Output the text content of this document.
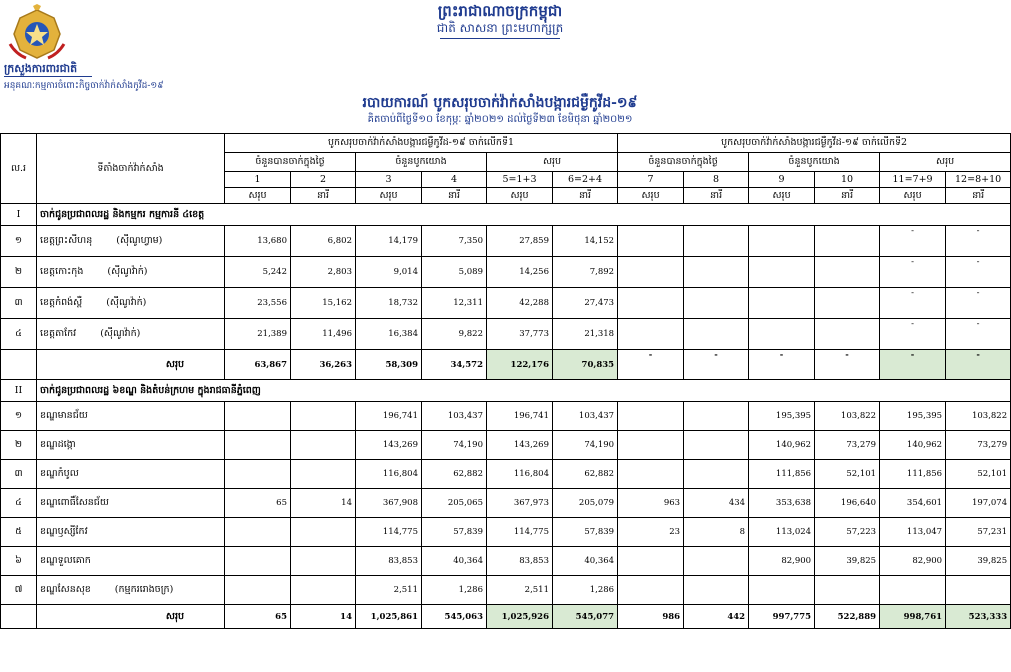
ក្រសួងការពារជាតិ
អនុគណៈកម្មការចំពោះកិច្ចចាក់វ៉ាក់សាំងកូវីដ-១៩
ព្រះរាជាណាចក្រកម្ពុជា
ជាតិ សាសនា ព្រះមហាក្សត្រ
របាយការណ៍ បូកសរុបចាក់វ៉ាក់សាំងបង្ការជម្ងឺកូវីដ-១៩
គិតចាប់ពីថ្ងៃទី១០ ខែកុម្ភៈ ឆ្នាំ២០២១ ដល់ថ្ងៃទី២៣ ខែមិថុនា ឆ្នាំ២០២១
ល.រ	ទីតាំងចាក់វ៉ាក់សាំង	បូកសរុបចាក់វ៉ាក់សាំងបង្ការជម្ងឺកូវីដ-១៩ ចាក់លើកទី1						បូកសរុបចាក់វ៉ាក់សាំងបង្ការជម្ងឺកូវីដ-១៩ ចាក់លើកទី2					
		ចំនួនបានចាក់ក្នុងថ្ងៃ		ចំនួនបូកយោង		សរុប		ចំនួនបានចាក់ក្នុងថ្ងៃ		ចំនួនបូកយោង		សរុប	
		1	2	3	4	5=1+3	6=2+4	7	8	9	10	11=7+9	12=8+10
		សរុប	នារី	សរុប	នារី	សរុប	នារី	សរុប	នារី	សរុប	នារី	សរុប	នារី
I	ចាក់ជូនប្រជាពលរដ្ឋ និងកម្មករ កម្មការនី ៤ខេត្ត												
១	ខេត្តព្រះសីហនុ (ស៊ីណូហ្វាម)	13,680	6,802	14,179	7,350	27,859	14,152					-	-

២	ខេត្តកោះកុង (ស៊ីណូវ៉ាក់)	5,242	2,803	9,014	5,089	14,256	7,892					-	-

៣	ខេត្តកំពង់ស្ពឺ (ស៊ីណូវ៉ាក់)	23,556	15,162	18,732	12,311	42,288	27,473					-	-

៤	ខេត្តតាកែវ (ស៊ីណូវ៉ាក់)	21,389	11,496	16,384	9,822	37,773	21,318					-	-

	សរុប	63,867	36,263	58,309	34,572	122,176	70,835	-	-	-	-	-	-

II	ចាក់ជូនប្រជាពលរដ្ឋ ៦ខណ្ឌ និងតំបន់ក្រហម ក្នុងរាជធានីភ្នំពេញ												
១	ខណ្ឌមានជ័យ			196,741	103,437	196,741	103,437			195,395	103,822	195,395	103,822
២	ខណ្ឌដង្កោ			143,269	74,190	143,269	74,190			140,962	73,279	140,962	73,279
៣	ខណ្ឌកំបូល			116,804	62,882	116,804	62,882			111,856	52,101	111,856	52,101
៤	ខណ្ឌពោធិ៍សែនជ័យ	65	14	367,908	205,065	367,973	205,079	963	434	353,638	196,640	354,601	197,074
៥	ខណ្ឌឫស្សីកែវ			114,775	57,839	114,775	57,839	23	8	113,024	57,223	113,047	57,231
៦	ខណ្ឌទួលគោក			83,853	40,364	83,853	40,364			82,900	39,825	82,900	39,825
៧	ខណ្ឌសែនសុខ (កម្មកររោងចក្រ)			2,511	1,286	2,511	1,286						
	សរុប	65	14	1,025,861	545,063	1,025,926	545,077	986	442	997,775	522,889	998,761	523,333
